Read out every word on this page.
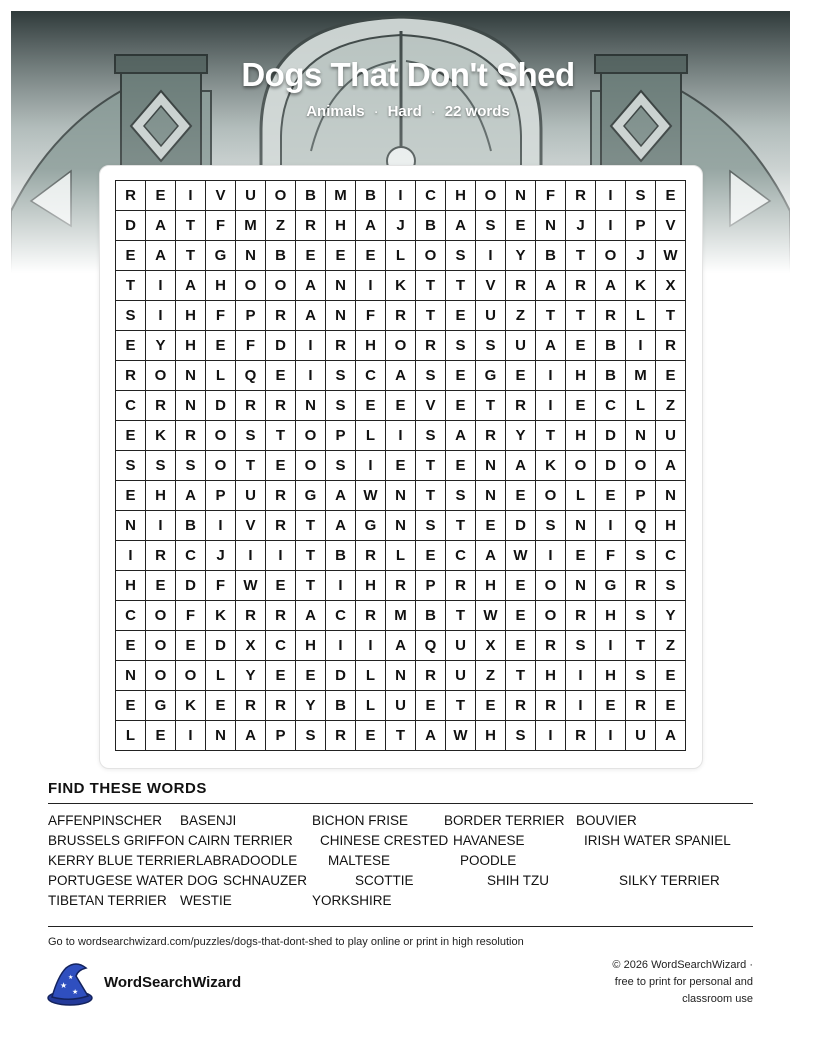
Dogs That Don't Shed
Animals · Hard · 22 words
R	E	I	V	U	O	B	M	B	I	C	H	O	N	F	R	I	S	E
D	A	T	F	M	Z	R	H	A	J	B	A	S	E	N	J	I	P	V
E	A	T	G	N	B	E	E	E	L	O	S	I	Y	B	T	O	J	W
T	I	A	H	O	O	A	N	I	K	T	T	V	R	A	R	A	K	X
S	I	H	F	P	R	A	N	F	R	T	E	U	Z	T	T	R	L	T
E	Y	H	E	F	D	I	R	H	O	R	S	S	U	A	E	B	I	R
R	O	N	L	Q	E	I	S	C	A	S	E	G	E	I	H	B	M	E
C	R	N	D	R	R	N	S	E	E	V	E	T	R	I	E	C	L	Z
E	K	R	O	S	T	O	P	L	I	S	A	R	Y	T	H	D	N	U
S	S	S	O	T	E	O	S	I	E	T	E	N	A	K	O	D	O	A
E	H	A	P	U	R	G	A	W	N	T	S	N	E	O	L	E	P	N
N	I	B	I	V	R	T	A	G	N	S	T	E	D	S	N	I	Q	H
I	R	C	J	I	I	T	B	R	L	E	C	A	W	I	E	F	S	C
H	E	D	F	W	E	T	I	H	R	P	R	H	E	O	N	G	R	S
C	O	F	K	R	R	A	C	R	M	B	T	W	E	O	R	H	S	Y
E	O	E	D	X	C	H	I	I	A	Q	U	X	E	R	S	I	T	Z
N	O	O	L	Y	E	E	D	L	N	R	U	Z	T	H	I	H	S	E
E	G	K	E	R	R	Y	B	L	U	E	T	E	R	R	I	E	R	E
L	E	I	N	A	P	S	R	E	T	A	W	H	S	I	R	I	U	A
FIND THESE WORDS
AFFENPINSCHER BASENJI	BICHON FRISE	BORDER TERRIER BOUVIER
BRUSSELS GRIFFON CAIRN TERRIER CHINESE CRESTED HAVANESE	IRISH WATER SPANIEL
KERRY BLUE TERRIER LABRADOODLE MALTESE	POODLE
PORTUGESE WATER DOG SCHNAUZER	SCOTTIE	SHIH TZU	SILKY TERRIER
TIBETAN TERRIER WESTIE	YORKSHIRE
Go to wordsearchwizard.com/puzzles/dogs-that-dont-shed to play online or print in high resolution
★
★
★ WordSearchWizard
© 2026 WordSearchWizard ·
free to print for personal and
classroom use
